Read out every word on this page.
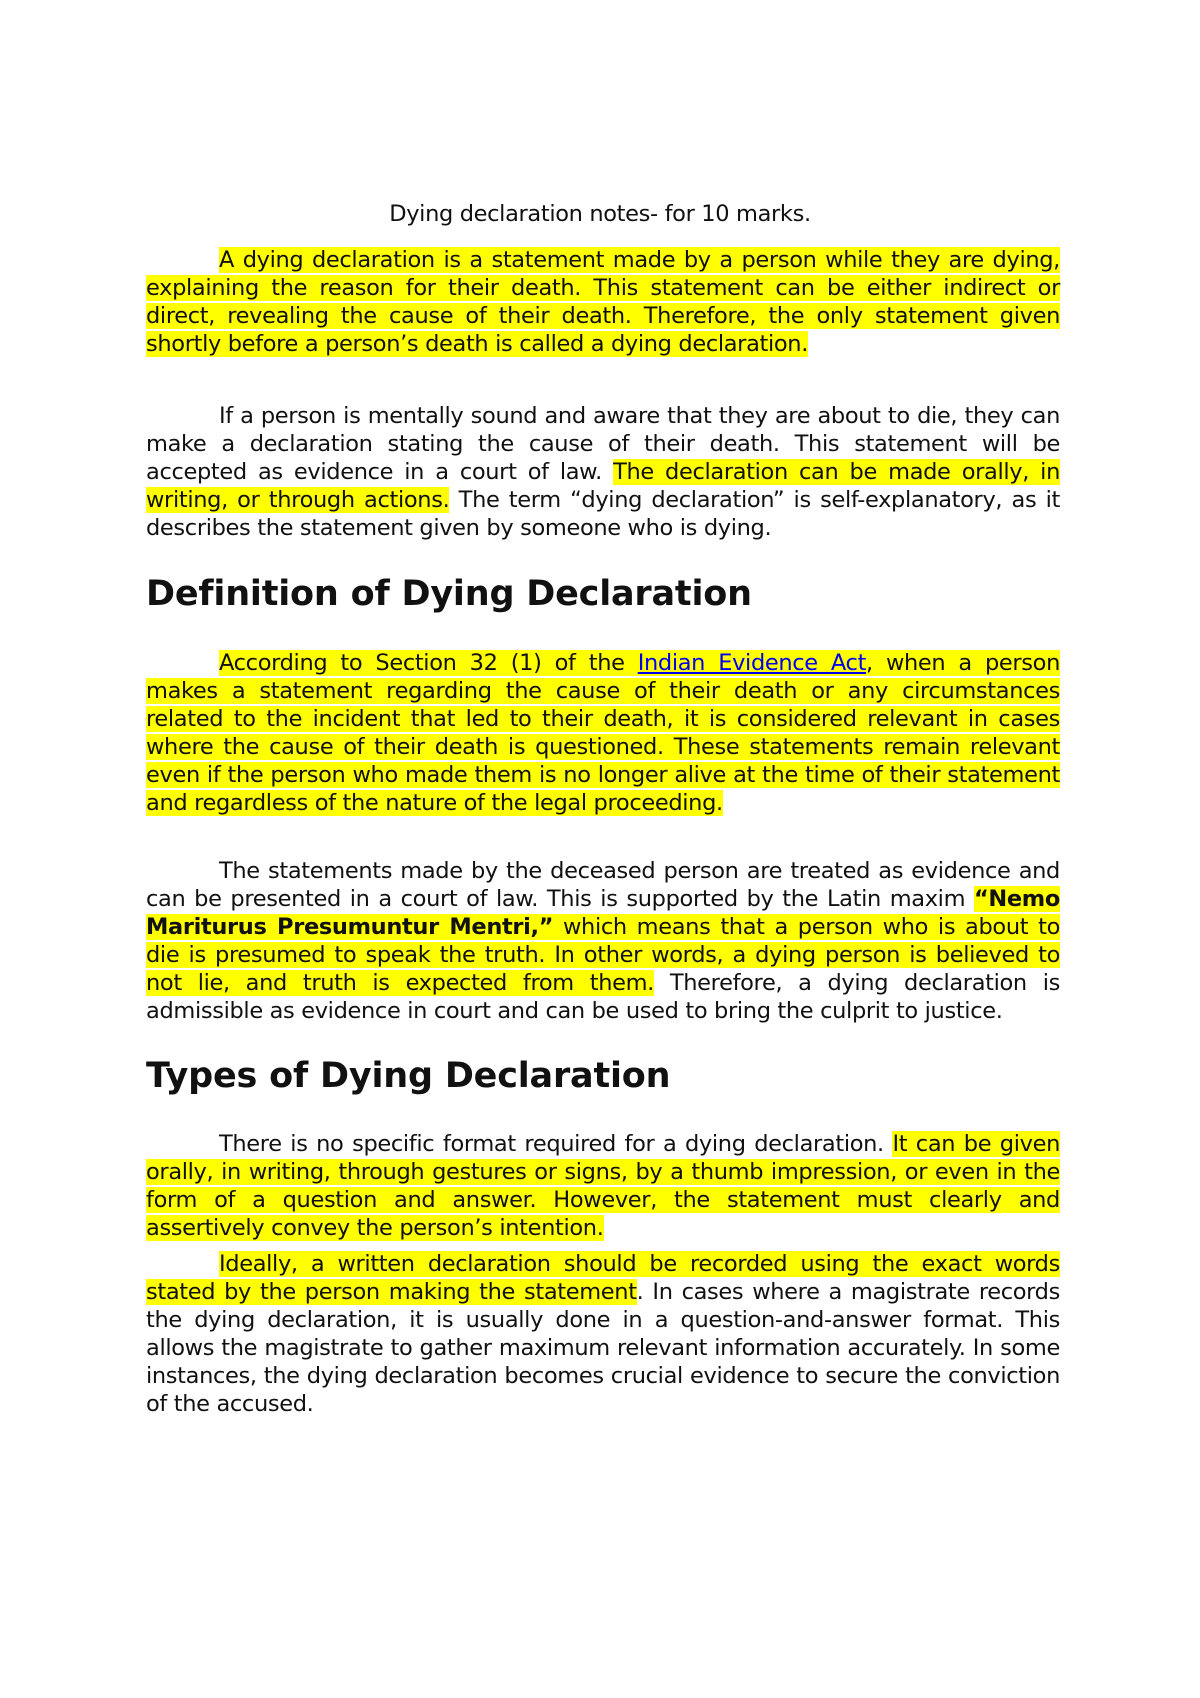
Dying declaration notes- for 10 marks.

A dying declaration is a statement made by a person while they are dying, explaining the reason for their death. This statement can be either indirect or direct, revealing the cause of their death. Therefore, the only statement given shortly before a person’s death is called a dying declaration.

If a person is mentally sound and aware that they are about to die, they can make a declaration stating the cause of their death. This statement will be accepted as evidence in a court of law. The declaration can be made orally, in writing, or through actions. The term “dying declaration” is self-explanatory, as it describes the statement given by someone who is dying.

Definition of Dying Declaration

According to Section 32 (1) of the Indian Evidence Act, when a person makes a statement regarding the cause of their death or any circumstances related to the incident that led to their death, it is considered relevant in cases where the cause of their death is questioned. These statements remain relevant even if the person who made them is no longer alive at the time of their statement and regardless of the nature of the legal proceeding.

The statements made by the deceased person are treated as evidence and can be presented in a court of law. This is supported by the Latin maxim “Nemo Mariturus Presumuntur Mentri,” which means that a person who is about to die is presumed to speak the truth. In other words, a dying person is believed to not lie, and truth is expected from them. Therefore, a dying declaration is admissible as evidence in court and can be used to bring the culprit to justice.

Types of Dying Declaration

There is no specific format required for a dying declaration. It can be given orally, in writing, through gestures or signs, by a thumb impression, or even in the form of a question and answer. However, the statement must clearly and assertively convey the person’s intention.

Ideally, a written declaration should be recorded using the exact words stated by the person making the statement. In cases where a magistrate records the dying declaration, it is usually done in a question-and-answer format. This allows the magistrate to gather maximum relevant information accurately. In some instances, the dying declaration becomes crucial evidence to secure the conviction of the accused.
